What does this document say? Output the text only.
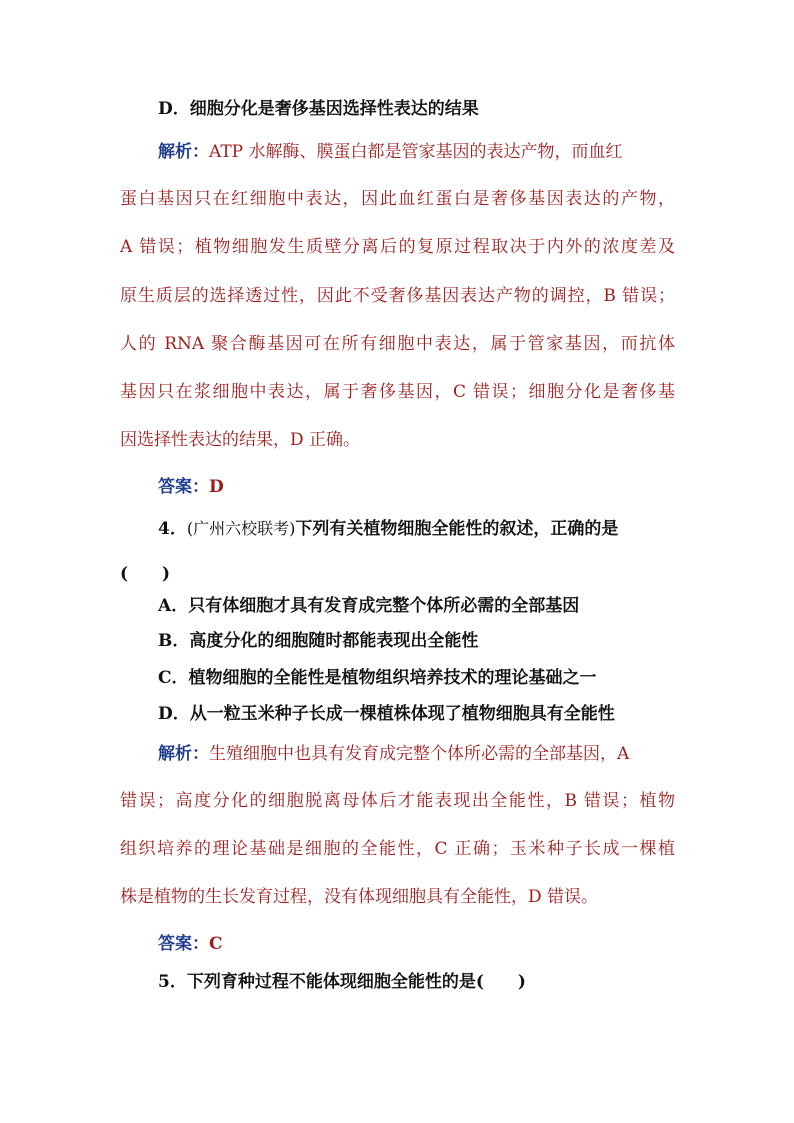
D．细胞分化是奢侈基因选择性表达的结果
解析：ATP 水解酶、膜蛋白都是管家基因的表达产物，而血红
蛋白基因只在红细胞中表达，因此血红蛋白是奢侈基因表达的产物，
A 错误；植物细胞发生质壁分离后的复原过程取决于内外的浓度差及
原生质层的选择透过性，因此不受奢侈基因表达产物的调控，B 错误；
人的 RNA 聚合酶基因可在所有细胞中表达，属于管家基因，而抗体
基因只在浆细胞中表达，属于奢侈基因，C 错误；细胞分化是奢侈基
因选择性表达的结果，D 正确。
答案：D
4．(广州六校联考)下列有关植物细胞全能性的叙述，正确的是
(　　)
A．只有体细胞才具有发育成完整个体所必需的全部基因
B．高度分化的细胞随时都能表现出全能性
C．植物细胞的全能性是植物组织培养技术的理论基础之一
D．从一粒玉米种子长成一棵植株体现了植物细胞具有全能性
解析：生殖细胞中也具有发育成完整个体所必需的全部基因，A
错误；高度分化的细胞脱离母体后才能表现出全能性，B 错误；植物
组织培养的理论基础是细胞的全能性，C 正确；玉米种子长成一棵植
株是植物的生长发育过程，没有体现细胞具有全能性，D 错误。
答案：C
5．下列育种过程不能体现细胞全能性的是(　　)
